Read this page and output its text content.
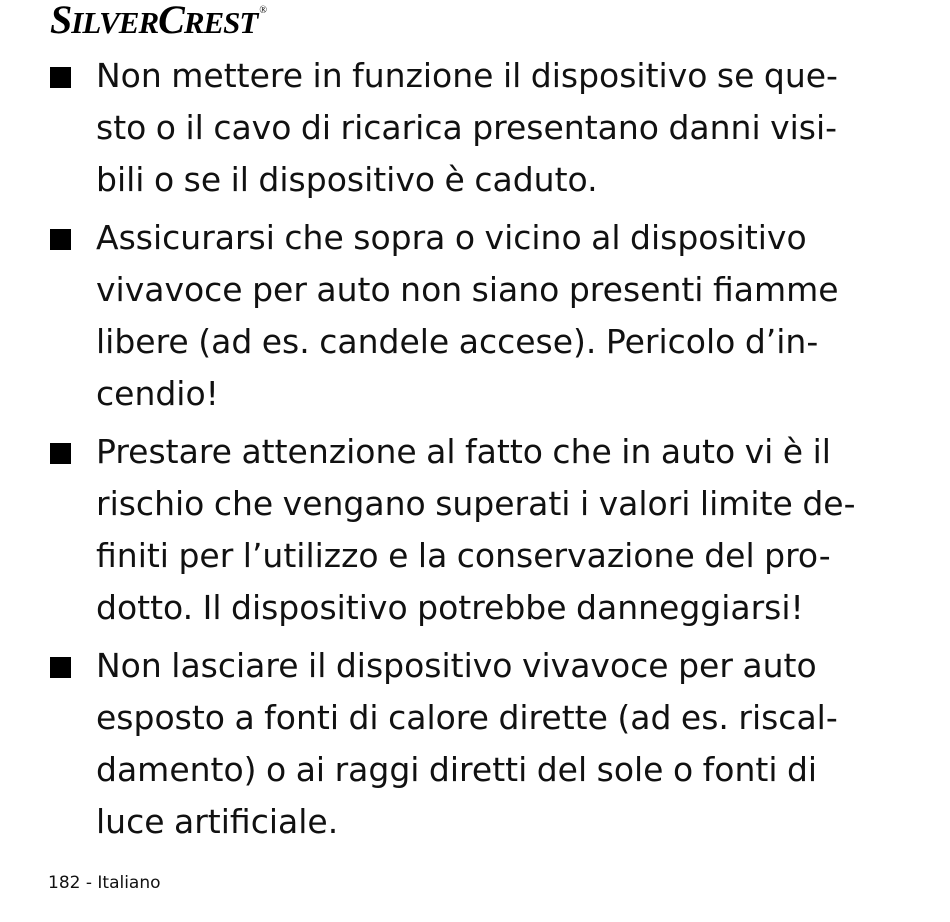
SILVERCREST ®

Non mettere in funzione il dispositivo se que-
sto o il cavo di ricarica presentano danni visi-
bili o se il dispositivo è caduto.

Assicurarsi che sopra o vicino al dispositivo
vivavoce per auto non siano presenti fiamme
libere (ad es. candele accese). Pericolo d’in-
cendio!

Prestare attenzione al fatto che in auto vi è il
rischio che vengano superati i valori limite de-
finiti per l’utilizzo e la conservazione del pro-
dotto. Il dispositivo potrebbe danneggiarsi!

Non lasciare il dispositivo vivavoce per auto
esposto a fonti di calore dirette (ad es. riscal-
damento) o ai raggi diretti del sole o fonti di
luce artificiale.

182 - Italiano
